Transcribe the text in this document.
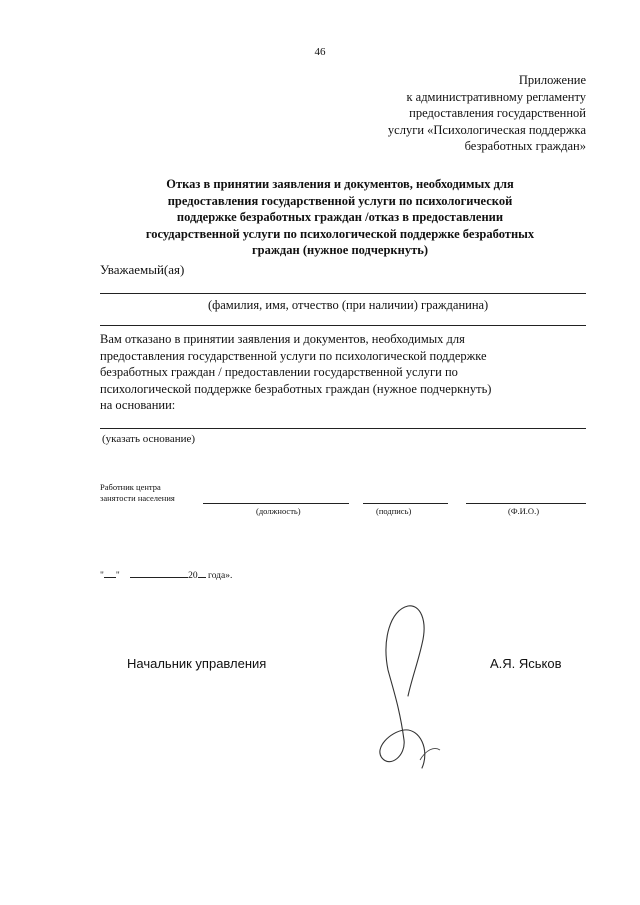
46
Приложение
к административному регламенту
предоставления государственной
услуги «Психологическая поддержка
безработных граждан»
Отказ в принятии заявления и документов, необходимых для
предоставления государственной услуги по психологической
поддержке безработных граждан /отказ в предоставлении
государственной услуги по психологической поддержке безработных
граждан (нужное подчеркнуть)
Уважаемый(ая)
(фамилия, имя, отчество (при наличии) гражданина)
Вам отказано в принятии заявления и документов, необходимых для
предоставления государственной услуги по психологической поддержке
безработных граждан / предоставлении государственной услуги по
психологической поддержке безработных граждан (нужное подчеркнуть)
на основании:
(указать основание)
Работник центра
занятости населения
(должность)	(подпись)	(Ф.И.О.)
" "	20 года».
Начальник управления	А.Я. Яськов
